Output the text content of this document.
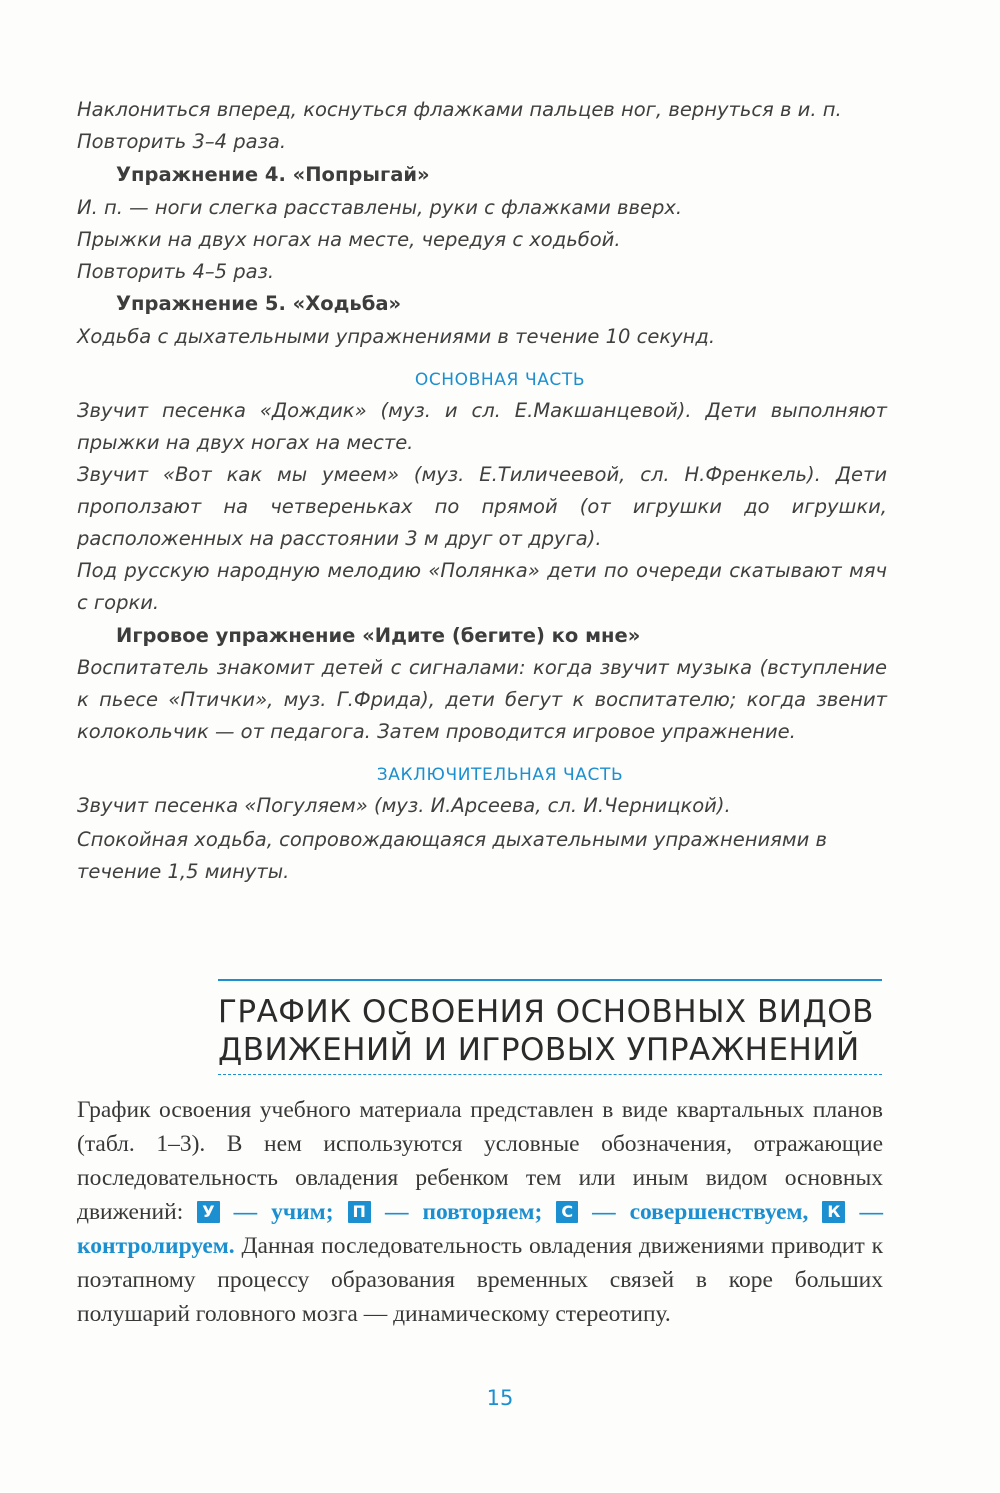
Наклониться вперед, коснуться флажками пальцев ног, вернуться в и. п.
Повторить 3–4 раза.
Упражнение 4. «Попрыгай»
И. п. — ноги слегка расставлены, руки с флажками вверх.
Прыжки на двух ногах на месте, чередуя с ходьбой.
Повторить 4–5 раз.
Упражнение 5. «Ходьба»
Ходьба с дыхательными упражнениями в течение 10 секунд.
ОСНОВНАЯ ЧАСТЬ
Звучит песенка «Дождик» (муз. и сл. Е.Макшанцевой). Дети выполняют прыжки на двух ногах на месте.
Звучит «Вот как мы умеем» (муз. Е.Тиличеевой, сл. Н.Френкель). Дети проползают на четвереньках по прямой (от игрушки до игрушки, расположенных на расстоянии 3 м друг от друга).
Под русскую народную мелодию «Полянка» дети по очереди скатывают мяч с горки.
Игровое упражнение «Идите (бегите) ко мне»
Воспитатель знакомит детей с сигналами: когда звучит музыка (вступление к пьесе «Птички», муз. Г.Фрида), дети бегут к воспитателю; когда звенит колокольчик — от педагога. Затем проводится игровое упражнение.
ЗАКЛЮЧИТЕЛЬНАЯ ЧАСТЬ
Звучит песенка «Погуляем» (муз. И.Арсеева, сл. И.Черницкой).
Спокойная ходьба, сопровождающаяся дыхательными упражнениями в течение 1,5 минуты.
ГРАФИК ОСВОЕНИЯ ОСНОВНЫХ ВИДОВ
ДВИЖЕНИЙ И ИГРОВЫХ УПРАЖНЕНИЙ
График освоения учебного материала представлен в виде квартальных планов (табл. 1–3). В нем используются условные обозначения, отражающие последовательность овладения ребенком тем или иным видом основных движений: У — учим; П — повторяем; С — совершенствуем, К — контролируем. Данная последовательность овладения движениями приводит к поэтапному процессу образования временных связей в коре больших полушарий головного мозга — динамическому стереотипу.
15
